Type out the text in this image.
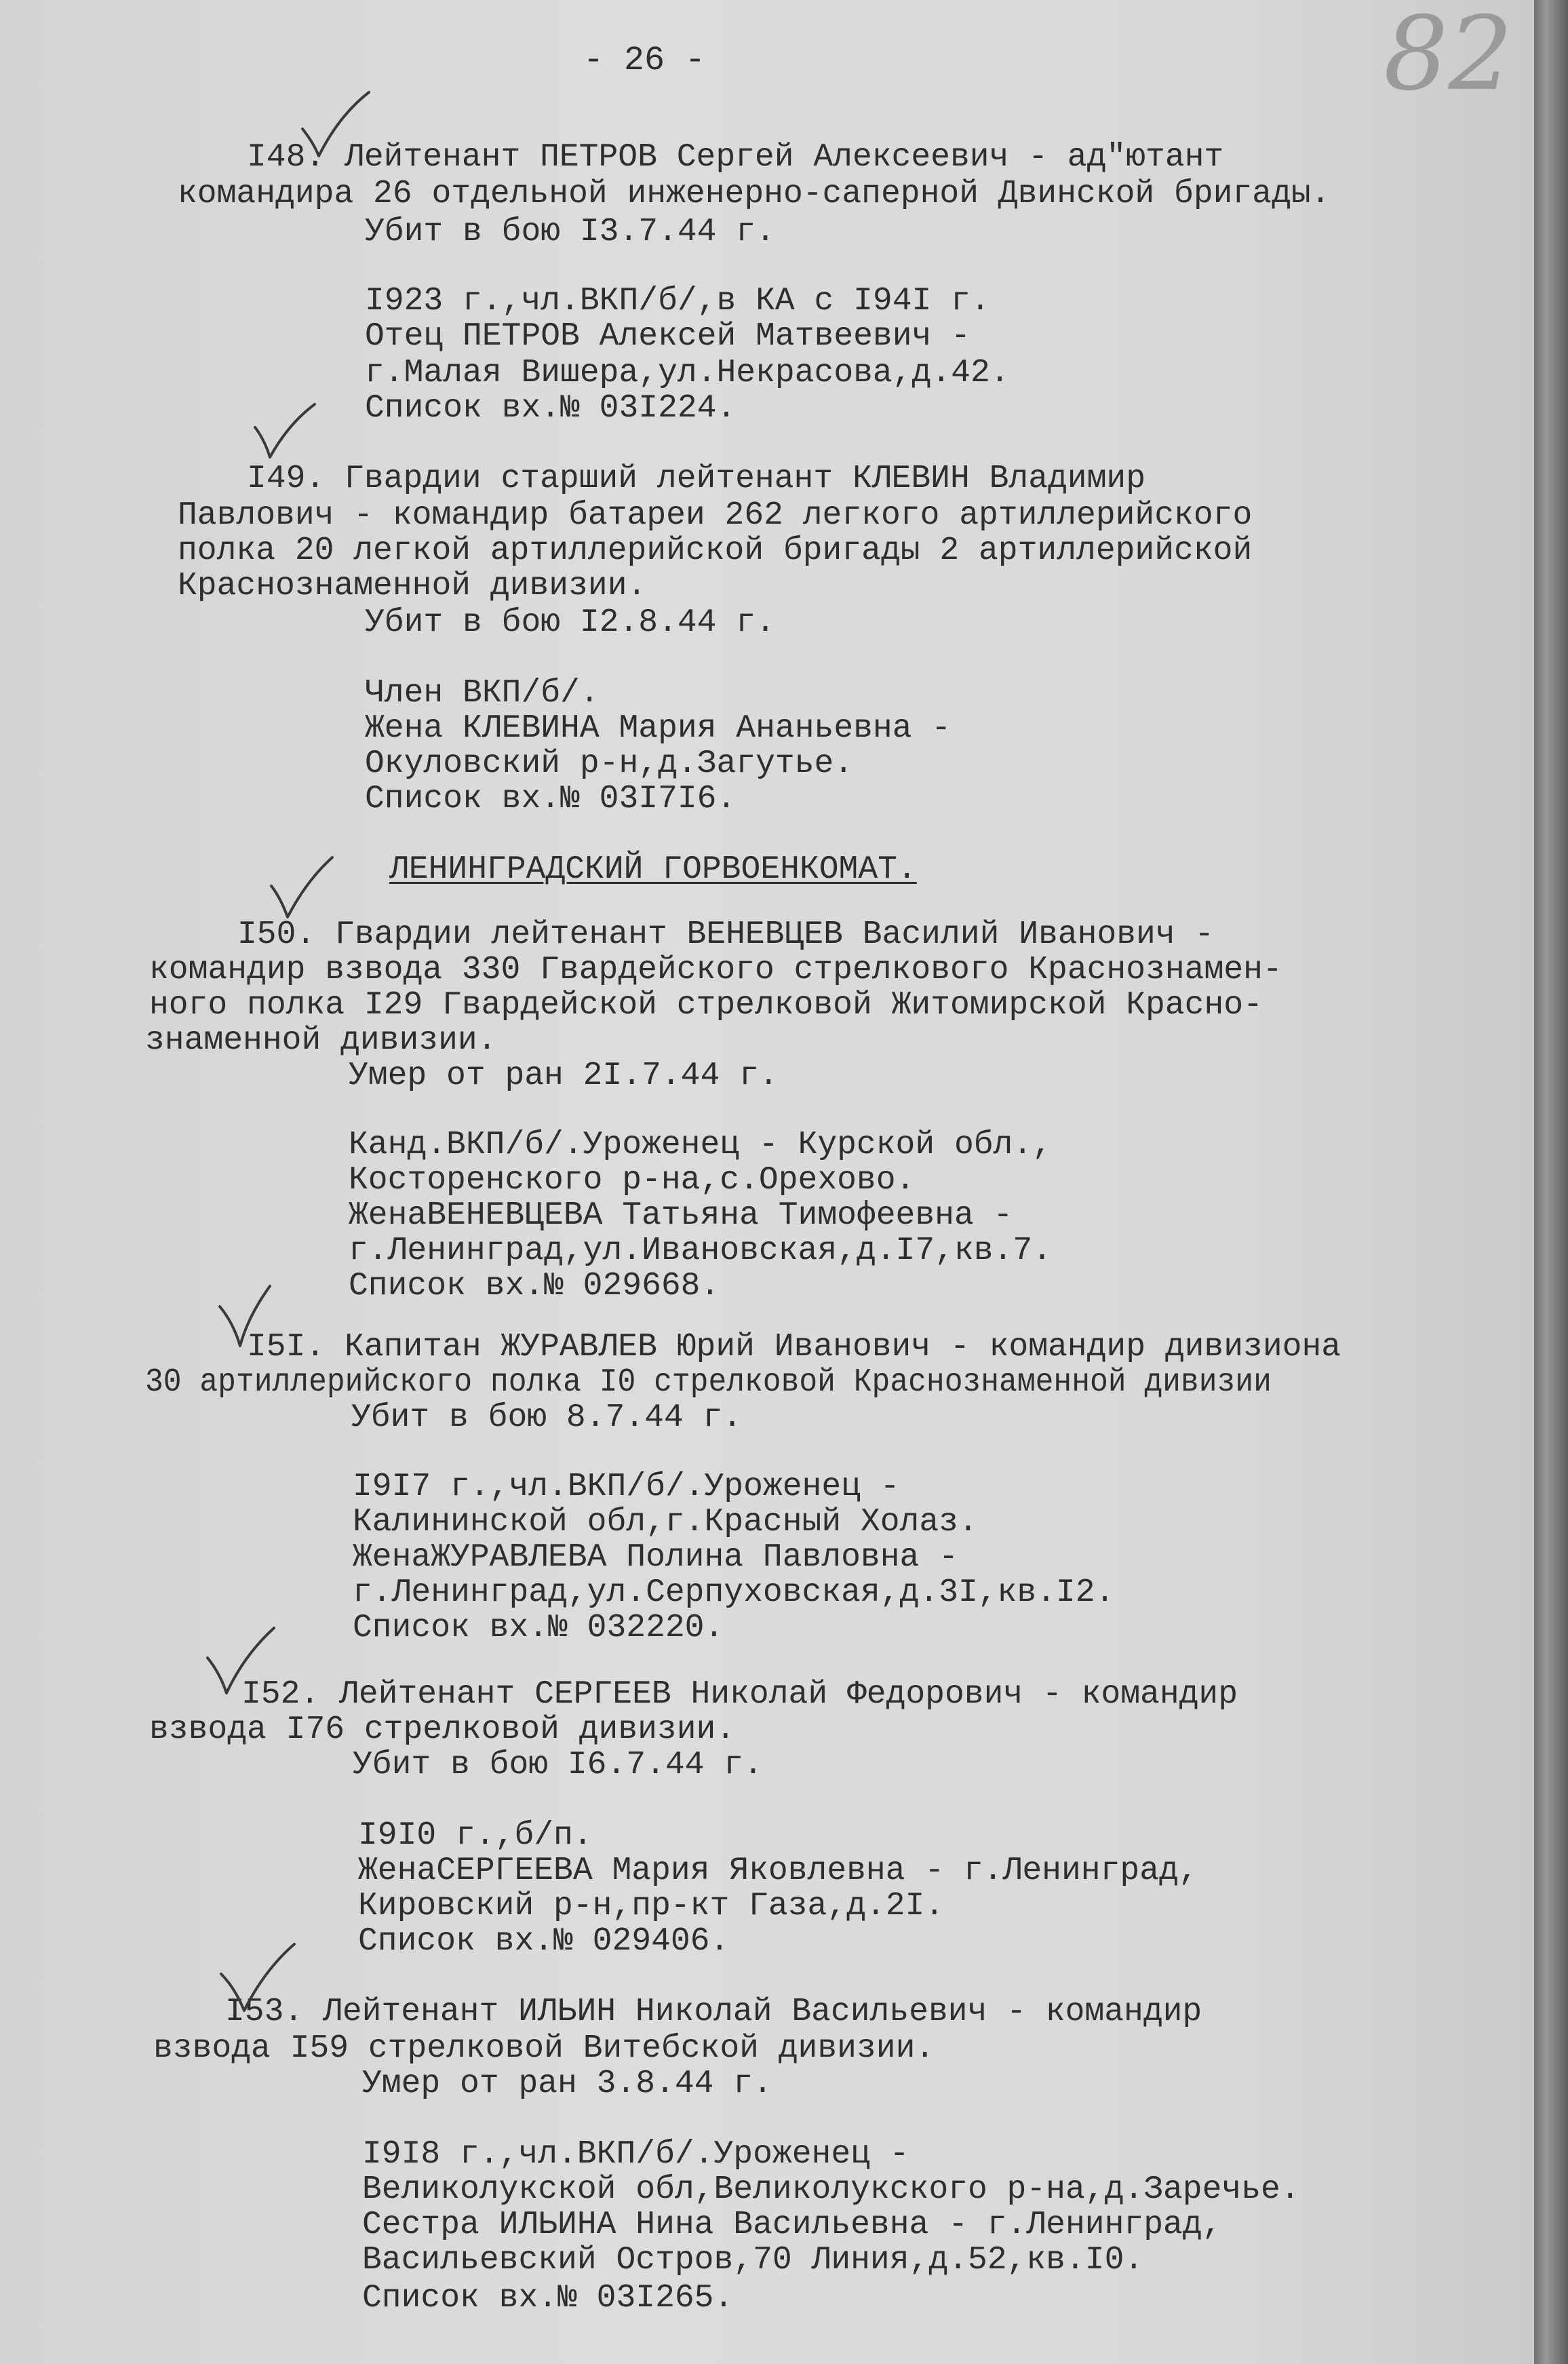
- 26 -	82

I48. Лейтенант ПЕТРОВ Сергей Алексеевич - ад"ютант

командира 26 отдельной инженерно-саперной Двинской бригады.

Убит в бою I3.7.44 г.

I923 г.,чл.ВКП/б/,в КА с I94I г.

Отец ПЕТРОВ Алексей Матвеевич -

г.Малая Вишера,ул.Некрасова,д.42.

Список вх.№ 03I224.

I49. Гвардии старший лейтенант КЛЕВИН Владимир

Павлович - командир батареи 262 легкого артиллерийского

полка 20 легкой артиллерийской бригады 2 артиллерийской

Краснознаменной дивизии.

Убит в бою I2.8.44 г.

Член ВКП/б/.

Жена КЛЕВИНА Мария Ананьевна -

Окуловский р-н,д.Загутье.

Список вх.№ 03I7I6.

ЛЕНИНГРАДСКИЙ ГОРВОЕНКОМАТ.

I50. Гвардии лейтенант ВЕНЕВЦЕВ Василий Иванович -

командир взвода 330 Гвардейского стрелкового Краснознамен-

ного полка I29 Гвардейской стрелковой Житомирской Красно-

знаменной дивизии.

Умер от ран 2I.7.44 г.

Канд.ВКП/б/.Уроженец - Курской обл.,

Косторенского р-на,с.Орехово.

ЖенаВЕНЕВЦЕВА Татьяна Тимофеевна -

г.Ленинград,ул.Ивановская,д.I7,кв.7.

Список вх.№ 029668.

I5I. Капитан ЖУРАВЛЕВ Юрий Иванович - командир дивизиона

30 артиллерийского полка I0 стрелковой Краснознаменной дивизии

Убит в бою 8.7.44 г.

I9I7 г.,чл.ВКП/б/.Уроженец -

Калининской обл,г.Красный Холаз.

ЖенаЖУРАВЛЕВА Полина Павловна -

г.Ленинград,ул.Серпуховская,д.3I,кв.I2.

Список вх.№ 032220.

I52. Лейтенант СЕРГЕЕВ Николай Федорович - командир

взвода I76 стрелковой дивизии.

Убит в бою I6.7.44 г.

I9I0 г.,б/п.

ЖенаСЕРГЕЕВА Мария Яковлевна - г.Ленинград,

Кировский р-н,пр-кт Газа,д.2I.

Список вх.№ 029406.

I53. Лейтенант ИЛЬИН Николай Васильевич - командир

взвода I59 стрелковой Витебской дивизии.

Умер от ран 3.8.44 г.

I9I8 г.,чл.ВКП/б/.Уроженец -

Великолукской обл,Великолукского р-на,д.Заречье.

Сестра ИЛЬИНА Нина Васильевна - г.Ленинград,

Васильевский Остров,70 Линия,д.52,кв.I0.

Список вх.№ 03I265.
